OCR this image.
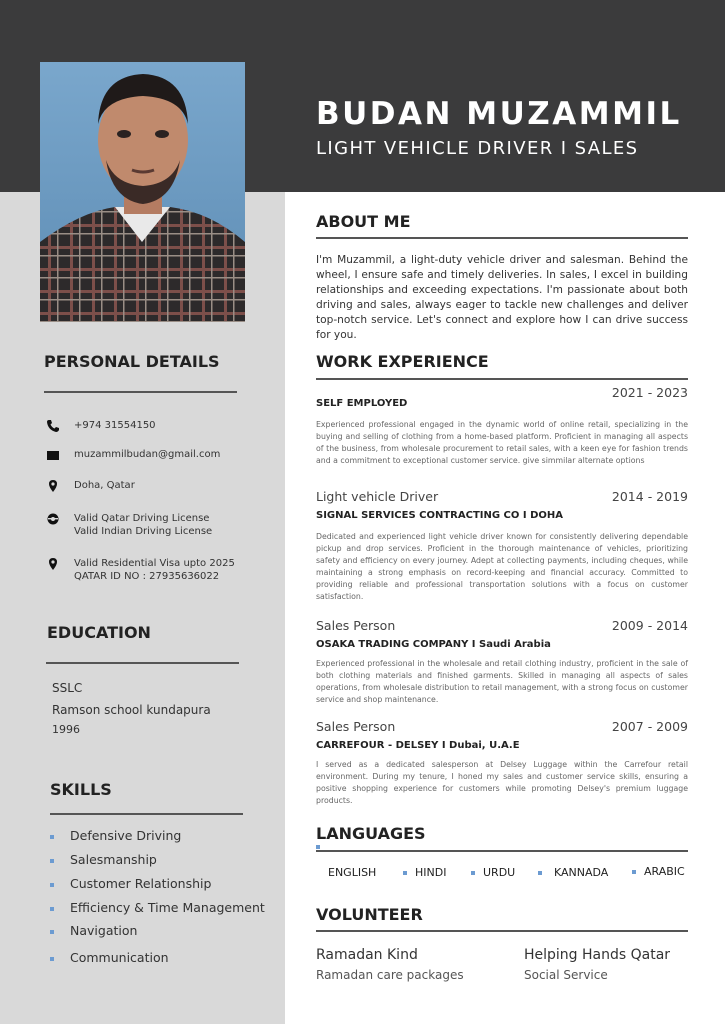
BUDAN MUZAMMIL
LIGHT VEHICLE DRIVER I SALES
PERSONAL DETAILS
+974 31554150
muzammilbudan@gmail.com
Doha, Qatar
Valid Qatar Driving License
Valid Indian Driving License
Valid Residential Visa upto 2025
QATAR ID NO : 27935636022
EDUCATION
SSLC
Ramson school kundapura
1996
SKILLS
Defensive Driving
Salesmanship
Customer Relationship
Efficiency & Time Management
Navigation
Communication
ABOUT ME
I'm Muzammil, a light-duty vehicle driver and salesman. Behind the wheel, I ensure safe and timely deliveries. In sales, I excel in building relationships and exceeding expectations. I'm passionate about both driving and sales, always eager to tackle new challenges and deliver top-notch service. Let's connect and explore how I can drive success for you.
WORK EXPERIENCE
2021 - 2023
SELF EMPLOYED
Experienced professional engaged in the dynamic world of online retail, specializing in the buying and selling of clothing from a home-based platform. Proficient in managing all aspects of the business, from wholesale procurement to retail sales, with a keen eye for fashion trends and a commitment to exceptional customer service. give simmilar alternate options
Light vehicle Driver	2014 - 2019
SIGNAL SERVICES CONTRACTING CO I DOHA
Dedicated and experienced light vehicle driver known for consistently delivering dependable pickup and drop services. Proficient in the thorough maintenance of vehicles, prioritizing safety and efficiency on every journey. Adept at collecting payments, including cheques, while maintaining a strong emphasis on record-keeping and financial accuracy. Committed to providing reliable and professional transportation solutions with a focus on customer satisfaction.
Sales Person	2009 - 2014
OSAKA TRADING COMPANY I Saudi Arabia
Experienced professional in the wholesale and retail clothing industry, proficient in the sale of both clothing materials and finished garments. Skilled in managing all aspects of sales operations, from wholesale distribution to retail management, with a strong focus on customer service and shop maintenance.
Sales Person	2007 - 2009
CARREFOUR - DELSEY I Dubai, U.A.E
I served as a dedicated salesperson at Delsey Luggage within the Carrefour retail environment. During my tenure, I honed my sales and customer service skills, ensuring a positive shopping experience for customers while promoting Delsey's premium luggage products.
LANGUAGES
ENGLISH	HINDI	URDU	KANNADA	ARABIC
VOLUNTEER
Ramadan Kind
Ramadan care packages
Helping Hands Qatar
Social Service
